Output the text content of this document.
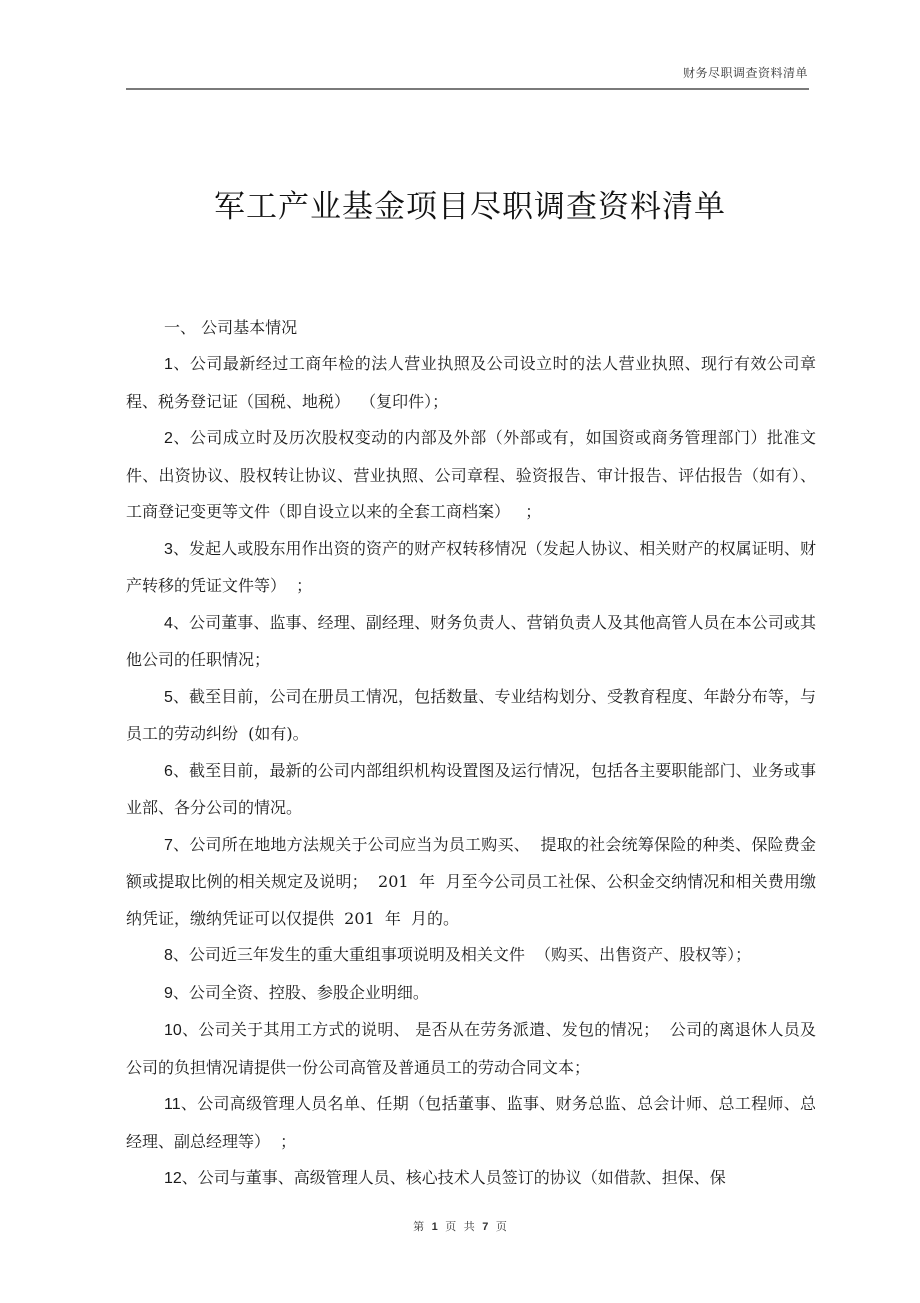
财务尽职调查资料清单
军工产业基金项目尽职调查资料清单
一、 公司基本情况

1、公司最新经过工商年检的法人营业执照及公司设立时的法人营业执照、现行有效公司章程、税务登记证（国税、地税）  （复印件）；

2、公司成立时及历次股权变动的内部及外部（外部或有，如国资或商务管理部门）批准文件、出资协议、股权转让协议、营业执照、公司章程、验资报告、审计报告、评估报告（如有）、工商登记变更等文件（即自设立以来的全套工商档案）   ；

3、发起人或股东用作出资的资产的财产权转移情况（发起人协议、相关财产的权属证明、财产转移的凭证文件等）  ；

4、公司董事、监事、经理、副经理、财务负责人、营销负责人及其他高管人员在本公司或其他公司的任职情况；

5、截至目前，公司在册员工情况，包括数量、专业结构划分、受教育程度、年龄分布等，与员工的劳动纠纷  (如有)。

6、截至目前，最新的公司内部组织机构设置图及运行情况，包括各主要职能部门、业务或事业部、各分公司的情况。

7、公司所在地地方法规关于公司应当为员工购买、  提取的社会统筹保险的种类、保险费金额或提取比例的相关规定及说明；  201  年  月至今公司员工社保、公积金交纳情况和相关费用缴纳凭证，缴纳凭证可以仅提供  201  年  月的。

8、公司近三年发生的重大重组事项说明及相关文件  （购买、出售资产、股权等）；

9、公司全资、控股、参股企业明细。

10、公司关于其用工方式的说明、 是否从在劳务派遣、发包的情况；  公司的离退休人员及公司的负担情况请提供一份公司高管及普通员工的劳动合同文本；

11、公司高级管理人员名单、任期（包括董事、监事、财务总监、总会计师、总工程师、总经理、副总经理等）  ；

12、公司与董事、高级管理人员、核心技术人员签订的协议（如借款、担保、保

第 1 页 共 7 页
